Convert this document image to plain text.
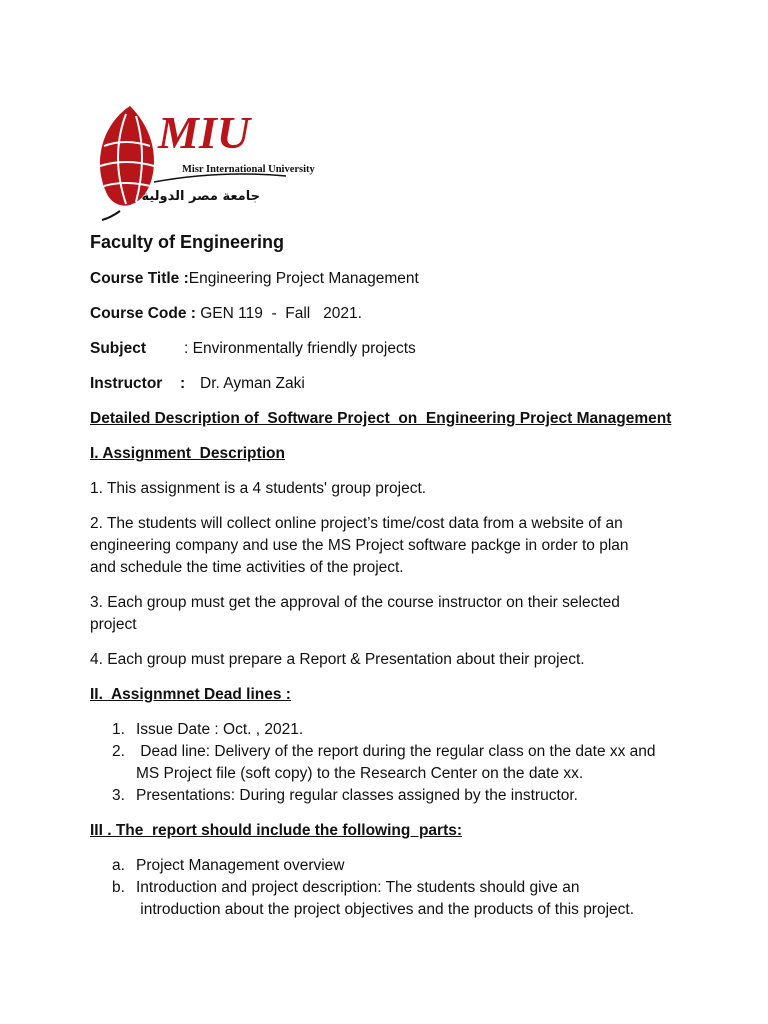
MIU
Misr International University
جامعة مصر الدولية
Faculty of Engineering
Course Title :Engineering Project Management
Course Code : GEN 119  -  Fall   2021.
Subject : Environmentally friendly projects
Instructor : Dr. Ayman Zaki
Detailed Description of  Software Project  on  Engineering Project Management
I. Assignment  Description
1. This assignment is a 4 students' group project.
2. The students will collect online project’s time/cost data from a website of an
engineering company and use the MS Project software packge in order to plan
and schedule the time activities of the project.
3. Each group must get the approval of the course instructor on their selected
project
4. Each group must prepare a Report & Presentation about their project.
II.  Assignmnet Dead lines :
1. Issue Date : Oct. , 2021.
2. Dead line: Delivery of the report during the regular class on the date xx and
MS Project file (soft copy) to the Research Center on the date xx.
3. Presentations: During regular classes assigned by the instructor.
III . The  report should include the following  parts:
a. Project Management overview
b. Introduction and project description: The students should give an
introduction about the project objectives and the products of this project.
